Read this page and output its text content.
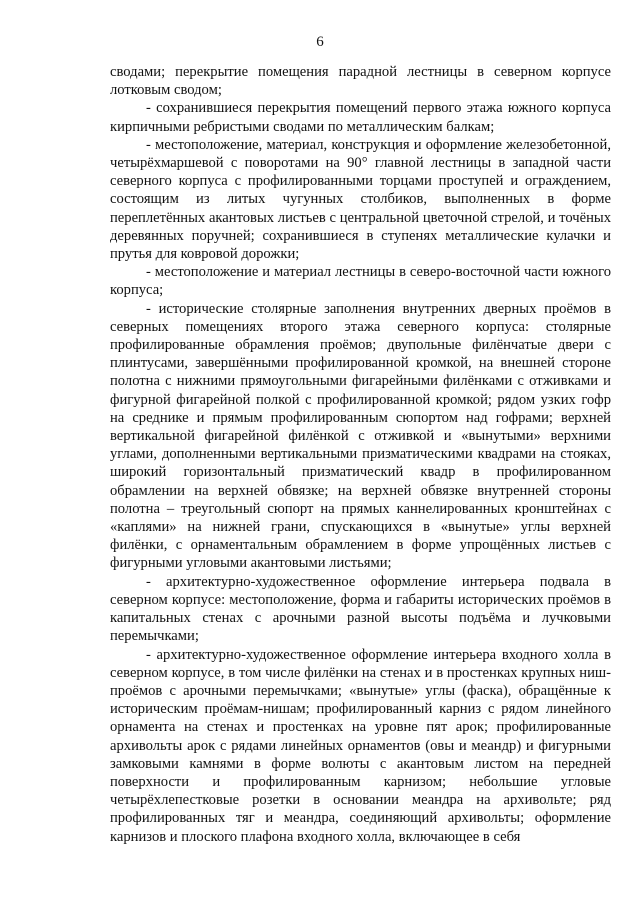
6

сводами; перекрытие помещения парадной лестницы в северном корпусе лотковым сводом;

- сохранившиеся перекрытия помещений первого этажа южного корпуса кирпичными ребристыми сводами по металлическим балкам;

- местоположение, материал, конструкция и оформление железобетонной, четырёхмаршевой с поворотами на 90° главной лестницы в западной части северного корпуса с профилированными торцами проступей и ограждением, состоящим из литых чугунных столбиков, выполненных в форме переплетённых акантовых листьев с центральной цветочной стрелой, и точёных деревянных поручней; сохранившиеся в ступенях металлические кулачки и прутья для ковровой дорожки;

- местоположение и материал лестницы в северо-восточной части южного корпуса;

- исторические столярные заполнения внутренних дверных проёмов в северных помещениях второго этажа северного корпуса: столярные профилированные обрамления проёмов; двупольные филёнчатые двери с плинтусами, завершёнными профилированной кромкой, на внешней стороне полотна с нижними прямоугольными фигарейными филёнками с отживками и фигурной фигарейной полкой с профилированной кромкой; рядом узких гофр на среднике и прямым профилированным сюпортом над гофрами; верхней вертикальной фигарейной филёнкой с отживкой и «вынутыми» верхними углами, дополненными вертикальными призматическими квадрами на стояках, широкий горизонтальный призматический квадр в профилированном обрамлении на верхней обвязке; на верхней обвязке внутренней стороны полотна – треугольный сюпорт на прямых каннелированных кронштейнах с «каплями» на нижней грани, спускающихся в «вынутые» углы верхней филёнки, с орнаментальным обрамлением в форме упрощённых листьев с фигурными угловыми акантовыми листьями;

- архитектурно-художественное оформление интерьера подвала в северном корпусе: местоположение, форма и габариты исторических проёмов в капитальных стенах с арочными разной высоты подъёма и лучковыми перемычками;

- архитектурно-художественное оформление интерьера входного холла в северном корпусе, в том числе филёнки на стенах и в простенках крупных ниш-проёмов с арочными перемычками; «вынутые» углы (фаска), обращённые к историческим проёмам-нишам; профилированный карниз с рядом линейного орнамента на стенах и простенках на уровне пят арок; профилированные архивольты арок с рядами линейных орнаментов (овы и меандр) и фигурными замковыми камнями в форме волюты с акантовым листом на передней поверхности и профилированным карнизом; небольшие угловые четырёхлепестковые розетки в основании меандра на архивольте; ряд профилированных тяг и меандра, соединяющий архивольты; оформление карнизов и плоского плафона входного холла, включающее в себя
